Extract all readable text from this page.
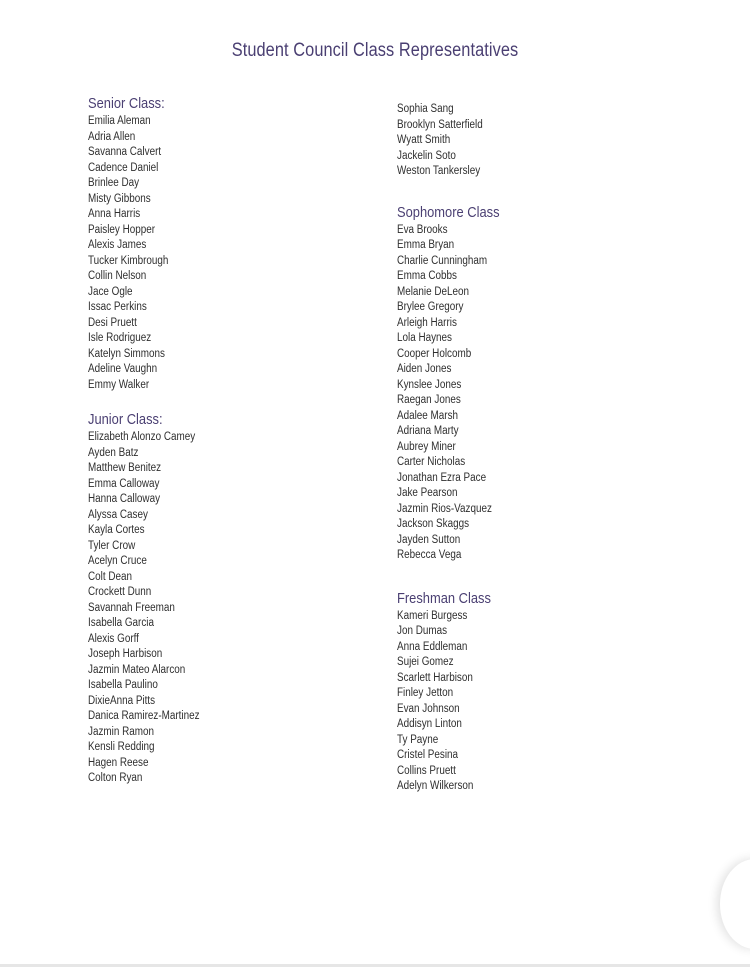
Student Council Class Representatives
Senior Class:
Emilia Aleman
Adria Allen
Savanna Calvert
Cadence Daniel
Brinlee Day
Misty Gibbons
Anna Harris
Paisley Hopper
Alexis James
Tucker Kimbrough
Collin Nelson
Jace Ogle
Issac Perkins
Desi Pruett
Isle Rodriguez
Katelyn Simmons
Adeline Vaughn
Emmy Walker
Junior Class:
Elizabeth Alonzo Camey
Ayden Batz
Matthew Benitez
Emma Calloway
Hanna Calloway
Alyssa Casey
Kayla Cortes
Tyler Crow
Acelyn Cruce
Colt Dean
Crockett Dunn
Savannah Freeman
Isabella Garcia
Alexis Gorff
Joseph Harbison
Jazmin Mateo Alarcon
Isabella Paulino
DixieAnna Pitts
Danica Ramirez-Martinez
Jazmin Ramon
Kensli Redding
Hagen Reese
Colton Ryan
Sophia Sang
Brooklyn Satterfield
Wyatt Smith
Jackelin Soto
Weston Tankersley
Sophomore Class
Eva Brooks
Emma Bryan
Charlie Cunningham
Emma Cobbs
Melanie DeLeon
Brylee Gregory
Arleigh Harris
Lola Haynes
Cooper Holcomb
Aiden Jones
Kynslee Jones
Raegan Jones
Adalee Marsh
Adriana Marty
Aubrey Miner
Carter Nicholas
Jonathan Ezra Pace
Jake Pearson
Jazmin Rios-Vazquez
Jackson Skaggs
Jayden Sutton
Rebecca Vega
Freshman Class
Kameri Burgess
Jon Dumas
Anna Eddleman
Sujei Gomez
Scarlett Harbison
Finley Jetton
Evan Johnson
Addisyn Linton
Ty Payne
Cristel Pesina
Collins Pruett
Adelyn Wilkerson
